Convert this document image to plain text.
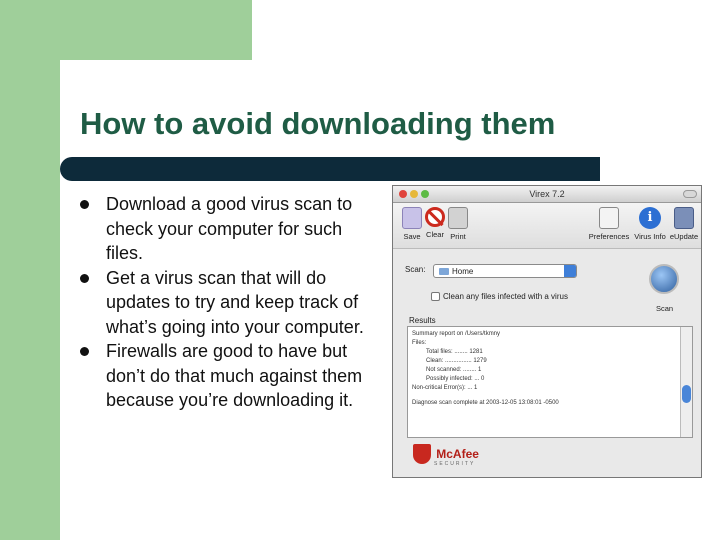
How to avoid downloading them
Download a good virus scan to check your computer for such files.
Get a virus scan that will do updates to try and keep track of what’s going into your computer.
Firewalls are good to have but don’t do that much against them because you’re downloading it.
Virex 7.2
Save Clear Print	Preferences
i
Virus Info eUpdate
Scan:	Home
Clean any files infected with a virus
Scan
Results
Summary report on /Users/tkmny
Files:
Total files: ........ 1281
Clean: ................ 1279
Not scanned: ........ 1
Possibly infected: ... 0
Non-critical Error(s): ... 1
Diagnose scan complete at 2003-12-05 13:08:01 -0500
McAfee
SECURITY
